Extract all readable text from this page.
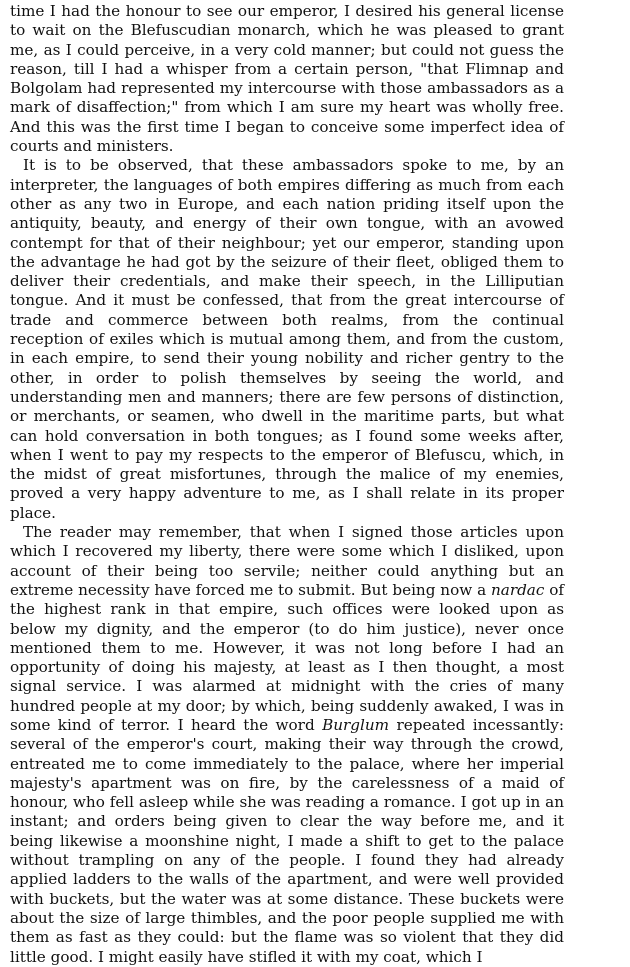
time I had the honour to see our emperor, I desired his general license to wait on the Blefuscudian monarch, which he was pleased to grant me, as I could perceive, in a very cold manner; but could not guess the reason, till I had a whisper from a certain person, "that Flimnap and Bolgolam had represented my intercourse with those ambassadors as a mark of disaffection;" from which I am sure my heart was wholly free. And this was the first time I began to conceive some imperfect idea of courts and ministers.

It is to be observed, that these ambassadors spoke to me, by an interpreter, the languages of both empires differing as much from each other as any two in Europe, and each nation priding itself upon the antiquity, beauty, and energy of their own tongue, with an avowed contempt for that of their neighbour; yet our emperor, standing upon the advantage he had got by the seizure of their fleet, obliged them to deliver their credentials, and make their speech, in the Lilliputian tongue. And it must be confessed, that from the great intercourse of trade and commerce between both realms, from the continual reception of exiles which is mutual among them, and from the custom, in each empire, to send their young nobility and richer gentry to the other, in order to polish themselves by seeing the world, and understanding men and manners; there are few persons of distinction, or merchants, or seamen, who dwell in the maritime parts, but what can hold conversation in both tongues; as I found some weeks after, when I went to pay my respects to the emperor of Blefuscu, which, in the midst of great misfortunes, through the malice of my enemies, proved a very happy adventure to me, as I shall relate in its proper place.

The reader may remember, that when I signed those articles upon which I recovered my liberty, there were some which I disliked, upon account of their being too servile; neither could anything but an extreme necessity have forced me to submit. But being now a nardac of the highest rank in that empire, such offices were looked upon as below my dignity, and the emperor (to do him justice), never once mentioned them to me. However, it was not long before I had an opportunity of doing his majesty, at least as I then thought, a most signal service. I was alarmed at midnight with the cries of many hundred people at my door; by which, being suddenly awaked, I was in some kind of terror. I heard the word Burglum repeated incessantly: several of the emperor's court, making their way through the crowd, entreated me to come immediately to the palace, where her imperial majesty's apartment was on fire, by the carelessness of a maid of honour, who fell asleep while she was reading a romance. I got up in an instant; and orders being given to clear the way before me, and it being likewise a moonshine night, I made a shift to get to the palace without trampling on any of the people. I found they had already applied ladders to the walls of the apartment, and were well provided with buckets, but the water was at some distance. These buckets were about the size of large thimbles, and the poor people supplied me with them as fast as they could: but the flame was so violent that they did little good. I might easily have stifled it with my coat, which I
